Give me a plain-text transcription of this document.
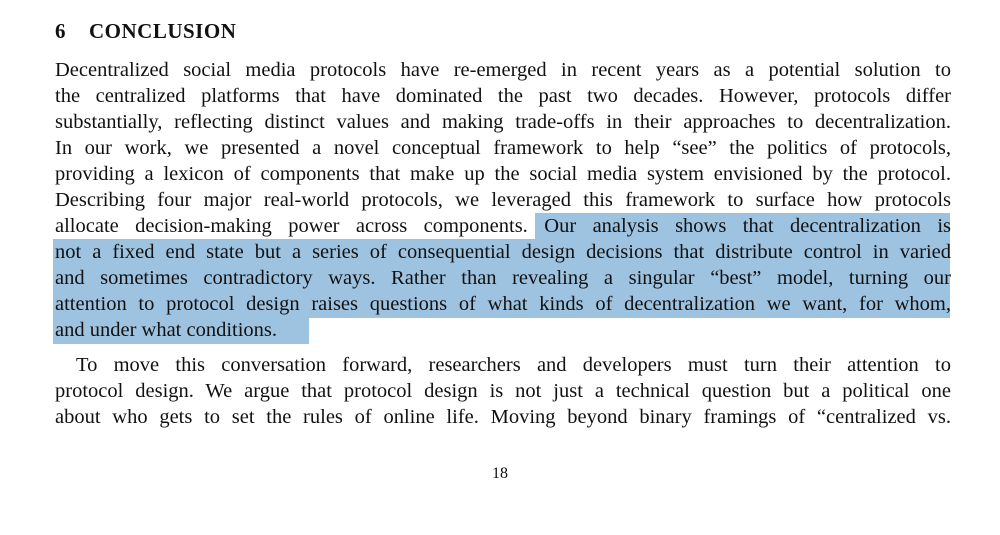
6 CONCLUSION
Decentralized social media protocols have re-emerged in recent years as a potential solution to
the centralized platforms that have dominated the past two decades. However, protocols differ
substantially, reflecting distinct values and making trade-offs in their approaches to decentralization.
In our work, we presented a novel conceptual framework to help “see” the politics of protocols,
providing a lexicon of components that make up the social media system envisioned by the protocol.
Describing four major real-world protocols, we leveraged this framework to surface how protocols
allocate decision-making power across components. Our analysis shows that decentralization is
not a fixed end state but a series of consequential design decisions that distribute control in varied
and sometimes contradictory ways. Rather than revealing a singular “best” model, turning our
attention to protocol design raises questions of what kinds of decentralization we want, for whom,
and under what conditions.
To move this conversation forward, researchers and developers must turn their attention to
protocol design. We argue that protocol design is not just a technical question but a political one
about who gets to set the rules of online life. Moving beyond binary framings of “centralized vs.
18
